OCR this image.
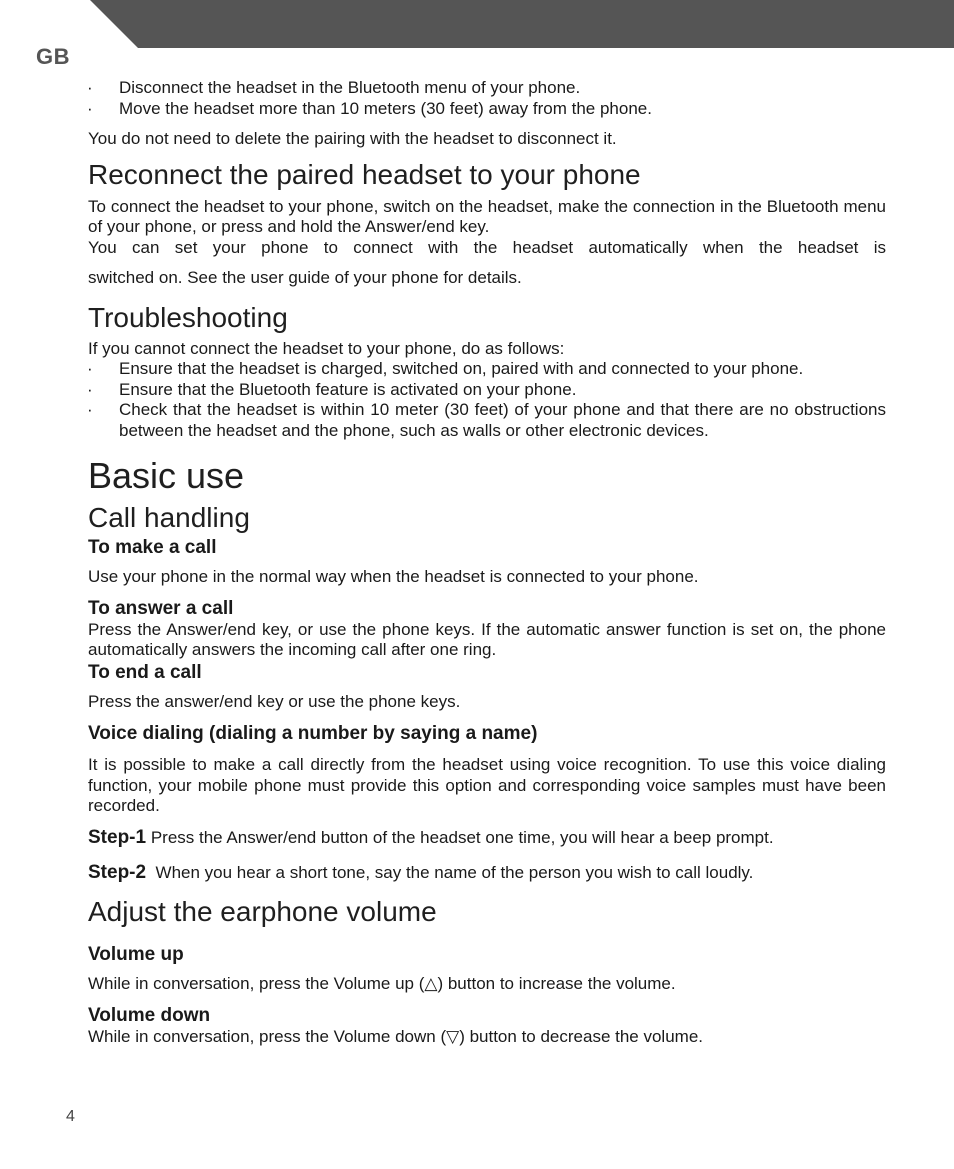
GB
· Disconnect the headset in the Bluetooth menu of your phone.
· Move the headset more than 10 meters (30 feet) away from the phone.

You do not need to delete the pairing with the headset to disconnect it.

Reconnect the paired headset to your phone

To connect the headset to your phone, switch on the headset, make the connection in the Bluetooth menu of your phone, or press and hold the Answer/end key.

You can set your phone to connect with the headset automatically when the headset is

switched on. See the user guide of your phone for details.

Troubleshooting

If you cannot connect the headset to your phone, do as follows:

· Ensure that the headset is charged, switched on, paired with and connected to your phone.
· Ensure that the Bluetooth feature is activated on your phone.
· Check that the headset is within 10 meter (30 feet) of your phone and that there are no obstructions between the headset and the phone, such as walls or other electronic devices.
Basic use
Call handling
To make a call

Use your phone in the normal way when the headset is connected to your phone.

To answer a call

Press the Answer/end key, or use the phone keys. If the automatic answer function is set on, the phone automatically answers the incoming call after one ring.

To end a call

Press the answer/end key or use the phone keys.

Voice dialing (dialing a number by saying a name)

It is possible to make a call directly from the headset using voice recognition. To use this voice dialing function, your mobile phone must provide this option and corresponding voice samples must have been recorded.

Step-1 Press the Answer/end button of the headset one time, you will hear a beep prompt.

Step-2 When you hear a short tone, say the name of the person you wish to call loudly.

Adjust the earphone volume
Volume up

While in conversation, press the Volume up (△) button to increase the volume.

Volume down

While in conversation, press the Volume down (▽) button to decrease the volume.

4
